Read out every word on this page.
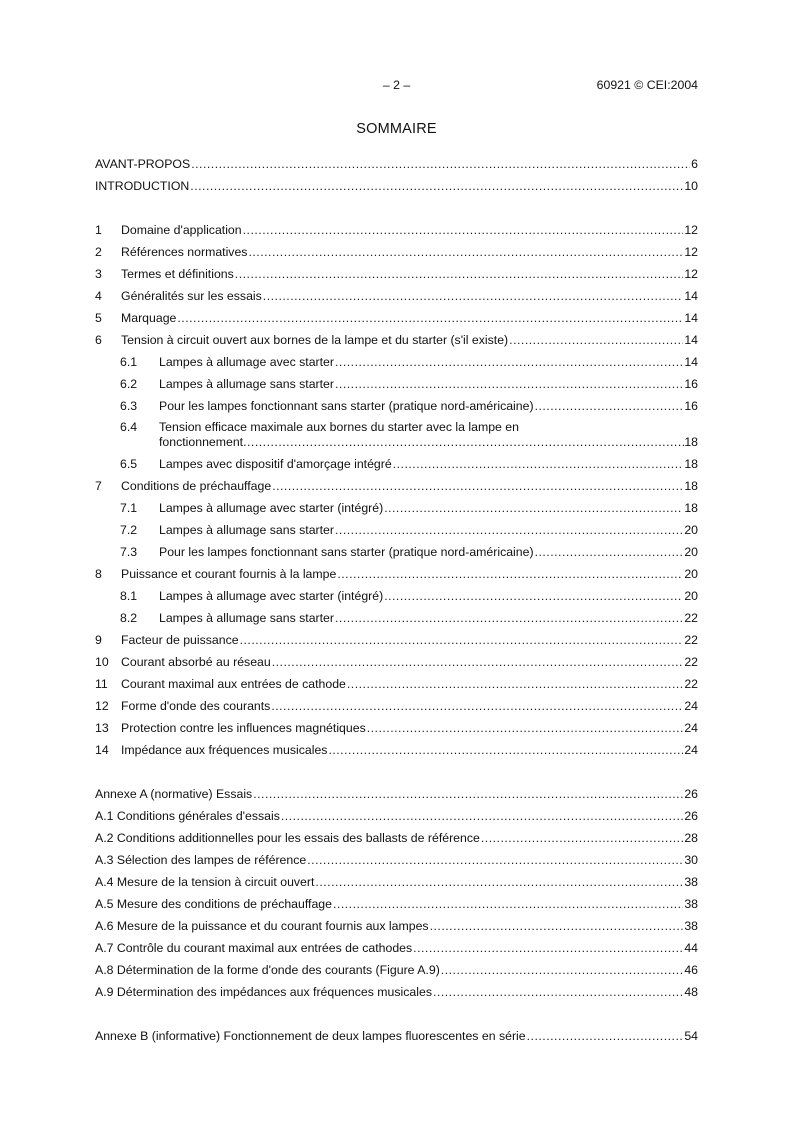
– 2 –	60921 © CEI:2004
SOMMAIRE
AVANT-PROPOS .....	6
INTRODUCTION .....	10
1	Domaine d'application .....	12
2	Références normatives .....	12
3	Termes et définitions .....	12
4	Généralités sur les essais .....	14
5	Marquage .....	14
6	Tension à circuit ouvert aux bornes de la lampe et du starter (s'il existe) .....	14
6.1	Lampes à allumage avec starter .....	14
6.2	Lampes à allumage sans starter .....	16
6.3	Pour les lampes fonctionnant sans starter (pratique nord-américaine) .....	16
6.4	Tension efficace maximale aux bornes du starter avec la lampe en
fonctionnement .....	18
6.5	Lampes avec dispositif d'amorçage intégré .....	18
7	Conditions de préchauffage .....	18
7.1	Lampes à allumage avec starter (intégré) .....	18
7.2	Lampes à allumage sans starter .....	20
7.3	Pour les lampes fonctionnant sans starter (pratique nord-américaine) .....	20
8	Puissance et courant fournis à la lampe .....	20
8.1	Lampes à allumage avec starter (intégré) .....	20
8.2	Lampes à allumage sans starter .....	22
9	Facteur de puissance .....	22
10	Courant absorbé au réseau .....	22
11	Courant maximal aux entrées de cathode .....	22
12	Forme d'onde des courants .....	24
13	Protection contre les influences magnétiques .....	24
14	Impédance aux fréquences musicales .....	24
Annexe A (normative) Essais .....	26
A.1 Conditions générales d'essais .....	26
A.2 Conditions additionnelles pour les essais des ballasts de référence .....	28
A.3 Sélection des lampes de référence .....	30
A.4 Mesure de la tension à circuit ouvert .....	38
A.5 Mesure des conditions de préchauffage .....	38
A.6 Mesure de la puissance et du courant fournis aux lampes .....	38
A.7 Contrôle du courant maximal aux entrées de cathodes .....	44
A.8 Détermination de la forme d'onde des courants (Figure A.9) .....	46
A.9 Détermination des impédances aux fréquences musicales .....	48
Annexe B (informative) Fonctionnement de deux lampes fluorescentes en série .....	54
